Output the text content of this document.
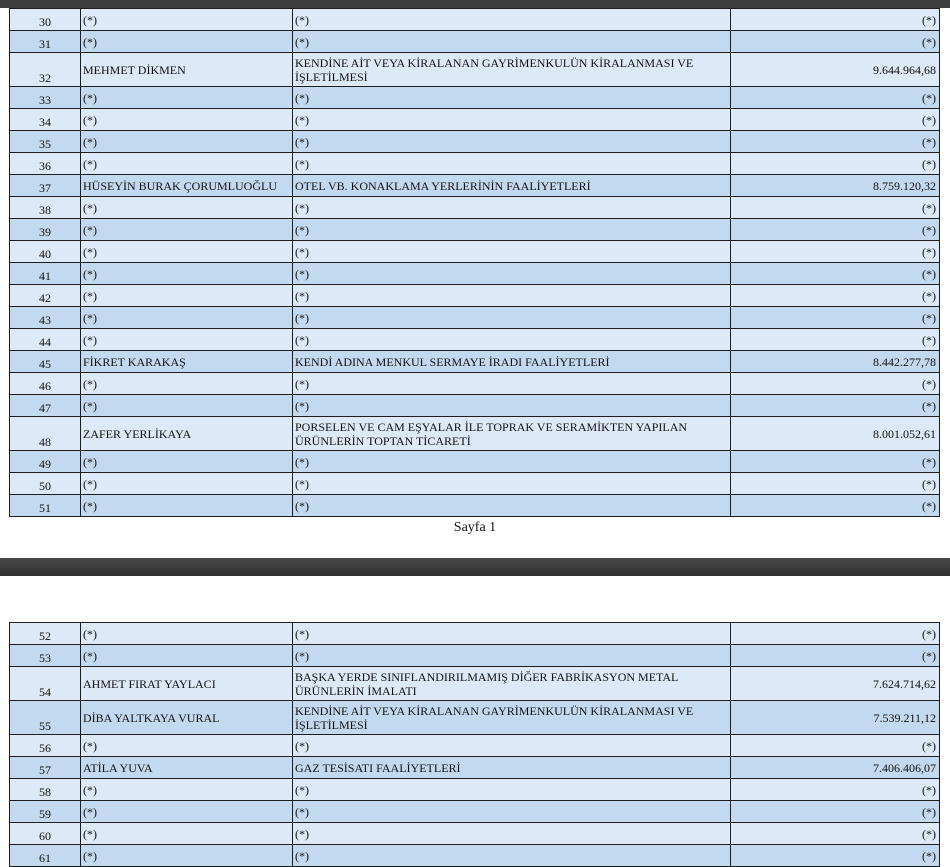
30	(*)	(*)	(*)
31	(*)	(*)	(*)
32	MEHMET DİKMEN	KENDİNE AİT VEYA KİRALANAN GAYRİMENKULÜN KİRALANMASI VE İŞLETİLMESİ	9.644.964,68
33	(*)	(*)	(*)
34	(*)	(*)	(*)
35	(*)	(*)	(*)
36	(*)	(*)	(*)
37	HÜSEYİN BURAK ÇORUMLUOĞLU	OTEL VB. KONAKLAMA YERLERİNİN FAALİYETLERİ	8.759.120,32
38	(*)	(*)	(*)
39	(*)	(*)	(*)
40	(*)	(*)	(*)
41	(*)	(*)	(*)
42	(*)	(*)	(*)
43	(*)	(*)	(*)
44	(*)	(*)	(*)
45	FİKRET KARAKAŞ	KENDİ ADINA MENKUL SERMAYE İRADI FAALİYETLERİ	8.442.277,78
46	(*)	(*)	(*)
47	(*)	(*)	(*)
48	ZAFER YERLİKAYA	PORSELEN VE CAM EŞYALAR İLE TOPRAK VE SERAMİKTEN YAPILAN ÜRÜNLERİN TOPTAN TİCARETİ	8.001.052,61
49	(*)	(*)	(*)
50	(*)	(*)	(*)
51	(*)	(*)	(*)
Sayfa 1
52	(*)	(*)	(*)
53	(*)	(*)	(*)
54	AHMET FIRAT YAYLACI	BAŞKA YERDE SINIFLANDIRILMAMIŞ DİĞER FABRİKASYON METAL ÜRÜNLERİN İMALATI	7.624.714,62
55	DİBA YALTKAYA VURAL	KENDİNE AİT VEYA KİRALANAN GAYRİMENKULÜN KİRALANMASI VE İŞLETİLMESİ	7.539.211,12
56	(*)	(*)	(*)
57	ATİLA YUVA	GAZ TESİSATI FAALİYETLERİ	7.406.406,07
58	(*)	(*)	(*)
59	(*)	(*)	(*)
60	(*)	(*)	(*)
61	(*)	(*)	(*)
